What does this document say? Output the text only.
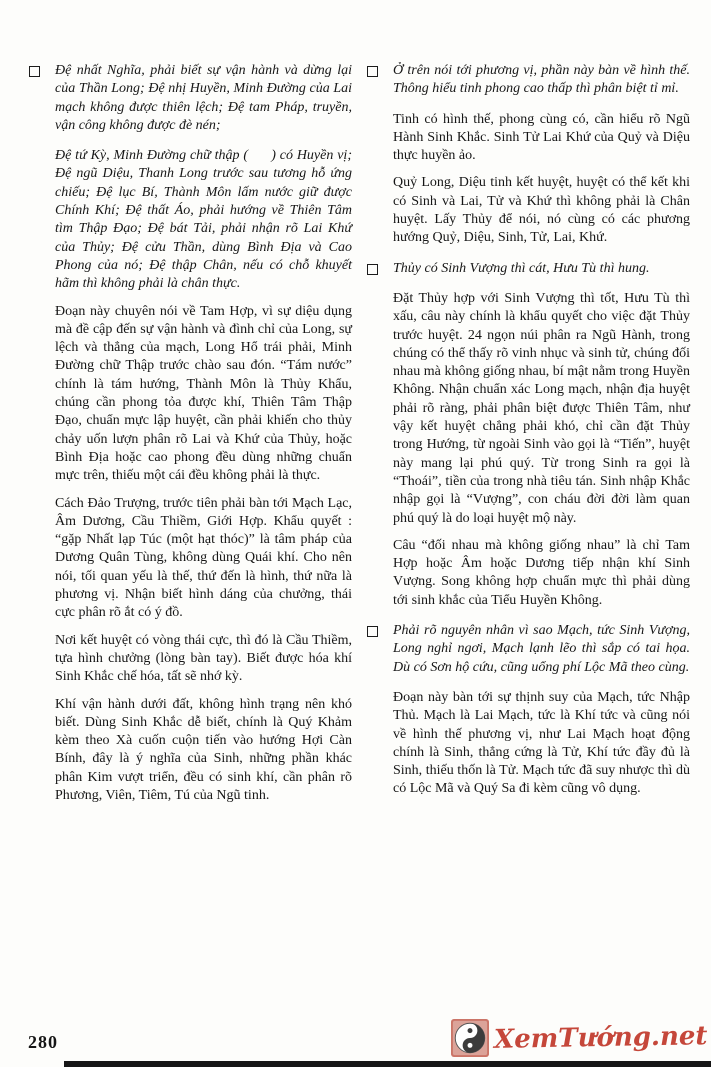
Đệ nhất Nghĩa, phải biết sự vận hành và dừng lại của Thần Long; Đệ nhị Huyền, Minh Đường của Lai mạch không được thiên lệch; Đệ tam Pháp, truyền, vận công không được đè nén;

Đệ tứ Kỳ, Minh Đường chữ thập (      ) có Huyền vị; Đệ ngũ Diệu, Thanh Long trước sau tương hỗ ứng chiếu; Đệ lục Bí, Thành Môn lấm nước giữ được Chính Khí; Đệ thất Áo, phải hướng về Thiên Tâm tìm Thập Đạo; Đệ bát Tải, phải nhận rõ Lai Khứ của Thủy; Đệ cửu Thần, dùng Bình Địa và Cao Phong của nó; Đệ thập Chân, nếu có chỗ khuyết hãm thì không phải là chân thực.

Đoạn này chuyên nói về Tam Hợp, vì sự diệu dụng mà đề cập đến sự vận hành và đình chỉ của Long, sự lệch và thẳng của mạch, Long Hổ trái phải, Minh Đường chữ Thập trước chào sau đón. “Tám nước” chính là tám hướng, Thành Môn là Thủy Khẩu, chúng cần phong tỏa được khí, Thiên Tâm Thập Đạo, chuẩn mực lập huyệt, cần phải khiến cho thủy chảy uốn lượn phân rõ Lai và Khứ của Thủy, hoặc Bình Địa hoặc cao phong đều dùng những chuẩn mực trên, thiếu một cái đều không phải là thực.

Cách Đảo Trượng, trước tiên phải bàn tới Mạch Lạc, Âm Dương, Cầu Thiềm, Giới Hợp. Khẩu quyết : “gặp Nhất lạp Túc (một hạt thóc)” là tâm pháp của Dương Quân Tùng, không dùng Quái khí. Cho nên nói, tối quan yếu là thế, thứ đến là hình, thứ nữa là phương vị. Nhận biết hình dáng của chưởng, thái cực phân rõ ắt có ý đồ.

Nơi kết huyệt có vòng thái cực, thì đó là Cầu Thiềm, tựa hình chưởng (lòng bàn tay). Biết được hóa khí Sinh Khắc chế hóa, tất sẽ nhớ kỳ.

Khí vận hành dưới đất, không hình trạng nên khó biết. Dùng Sinh Khắc dễ biết, chính là Quý Khảm kèm theo Xà cuốn cuộn tiến vào hướng Hợi Càn Bính, đây là ý nghĩa của Sinh, những phần khác phân Kim vượt triển, đều có sinh khí, cần phân rõ Phương, Viên, Tiêm, Tú của Ngũ tinh.

Ở trên nói tới phương vị, phần này bàn về hình thế. Thông hiểu tinh phong cao thấp thì phân biệt tỉ mỉ.

Tinh có hình thế, phong cùng có, cần hiểu rõ Ngũ Hành Sinh Khắc. Sinh Tử Lai Khứ của Quỷ và Diệu thực huyền ảo.

Quỷ Long, Diệu tinh kết huyệt, huyệt có thể kết khi có Sinh và Lai, Tử và Khứ thì không phải là Chân huyệt. Lấy Thủy để nói, nó cùng có các phương hướng Quỷ, Diệu, Sinh, Tử, Lai, Khứ.

Thủy có Sinh Vượng thì cát, Hưu Tù thì hung.

Đặt Thủy hợp với Sinh Vượng thì tốt, Hưu Tù thì xấu, câu này chính là khẩu quyết cho việc đặt Thủy trước huyệt. 24 ngọn núi phân ra Ngũ Hành, trong chúng có thể thấy rõ vinh nhục và sinh tử, chúng đối nhau mà không giống nhau, bí mật nằm trong Huyền Không. Nhận chuẩn xác Long mạch, nhận địa huyệt phải rõ ràng, phải phân biệt được Thiên Tâm, như vậy kết huyệt chẳng phải khó, chỉ cần đặt Thủy trong Hướng, từ ngoài Sinh vào gọi là “Tiến”, huyệt này mang lại phú quý. Từ trong Sinh ra gọi là “Thoái”, tiền của trong nhà tiêu tán. Sinh nhập Khắc nhập gọi là “Vượng”, con cháu đời đời làm quan phú quý là do loại huyệt mộ này.

Câu “đối nhau mà không giống nhau” là chỉ Tam Hợp hoặc Âm hoặc Dương tiếp nhận khí Sinh Vượng. Song không hợp chuẩn mực thì phải dùng tới sinh khắc của Tiểu Huyền Không.

Phải rõ nguyên nhân vì sao Mạch, tức Sinh Vượng, Long nghỉ ngơi, Mạch lạnh lẽo thì sắp có tai họa. Dù có Sơn hộ cứu, cũng uổng phí Lộc Mã theo cùng.

Đoạn này bàn tới sự thịnh suy của Mạch, tức Nhập Thủ. Mạch là Lai Mạch, tức là Khí tức và cũng nói về hình thế phương vị, như Lai Mạch hoạt động chính là Sinh, thẳng cứng là Tử, Khí tức đầy đủ là Sinh, thiếu thốn là Tử. Mạch tức đã suy nhược thì dù có Lộc Mã và Quý Sa đi kèm cũng vô dụng.

280	XemTướng.net
